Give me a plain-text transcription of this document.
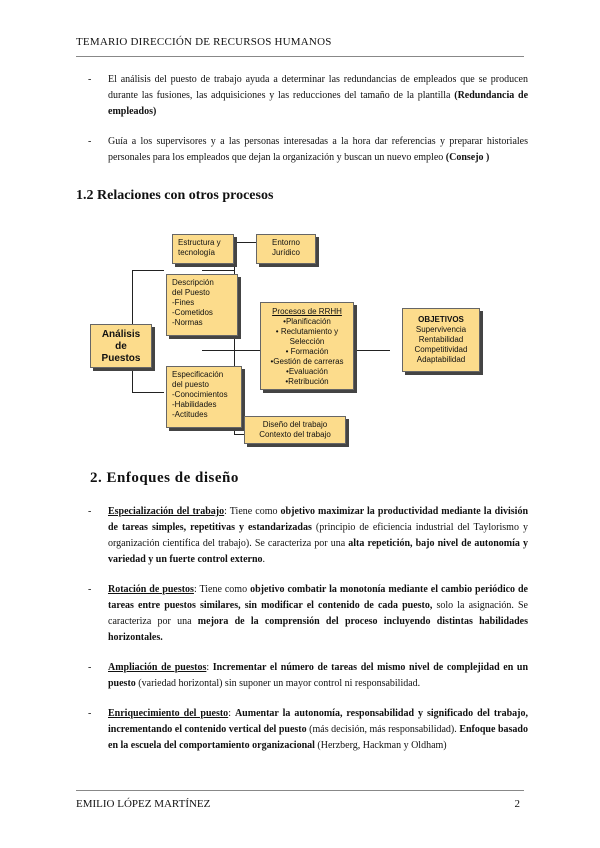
TEMARIO DIRECCIÓN DE RECURSOS HUMANOS
- El análisis del puesto de trabajo ayuda a determinar las redundancias de empleados que se producen durante las fusiones, las adquisiciones y las reducciones del tamaño de la plantilla (Redundancia de empleados)
- Guía a los supervisores y a las personas interesadas a la hora dar referencias y preparar historiales personales para los empleados que dejan la organización y buscan un nuevo empleo (Consejo )
1.2 Relaciones con otros procesos
Estructura y
tecnología
Entorno
Jurídico
Descripción
del Puesto
-Fines
-Cometidos
-Normas
Análisis
de
Puestos
Especificación
del puesto
-Conocimientos
-Habilidades
-Actitudes
Procesos de RRHH
•Planificación
• Reclutamiento y Selección
• Formación
•Gestión de carreras
•Evaluación
•Retribución
OBJETIVOS
Supervivencia
Rentabilidad
Competitividad
Adaptabilidad
Diseño del trabajo
Contexto del trabajo
2. Enfoques de diseño
- Especialización del trabajo: Tiene como objetivo maximizar la productividad mediante la división de tareas simples, repetitivas y estandarizadas (principio de eficiencia industrial del Taylorismo y organización científica del trabajo). Se caracteriza por una alta repetición, bajo nivel de autonomía y variedad y un fuerte control externo.
- Rotación de puestos: Tiene como objetivo combatir la monotonía mediante el cambio periódico de tareas entre puestos similares, sin modificar el contenido de cada puesto, solo la asignación. Se caracteriza por una mejora de la comprensión del proceso incluyendo distintas habilidades horizontales.
- Ampliación de puestos: Incrementar el número de tareas del mismo nivel de complejidad en un puesto (variedad horizontal) sin suponer un mayor control ni responsabilidad.
- Enriquecimiento del puesto: Aumentar la autonomía, responsabilidad y significado del trabajo, incrementando el contenido vertical del puesto (más decisión, más responsabilidad). Enfoque basado en la escuela del comportamiento organizacional (Herzberg, Hackman y Oldham)
EMILIO LÓPEZ MARTÍNEZ	2
